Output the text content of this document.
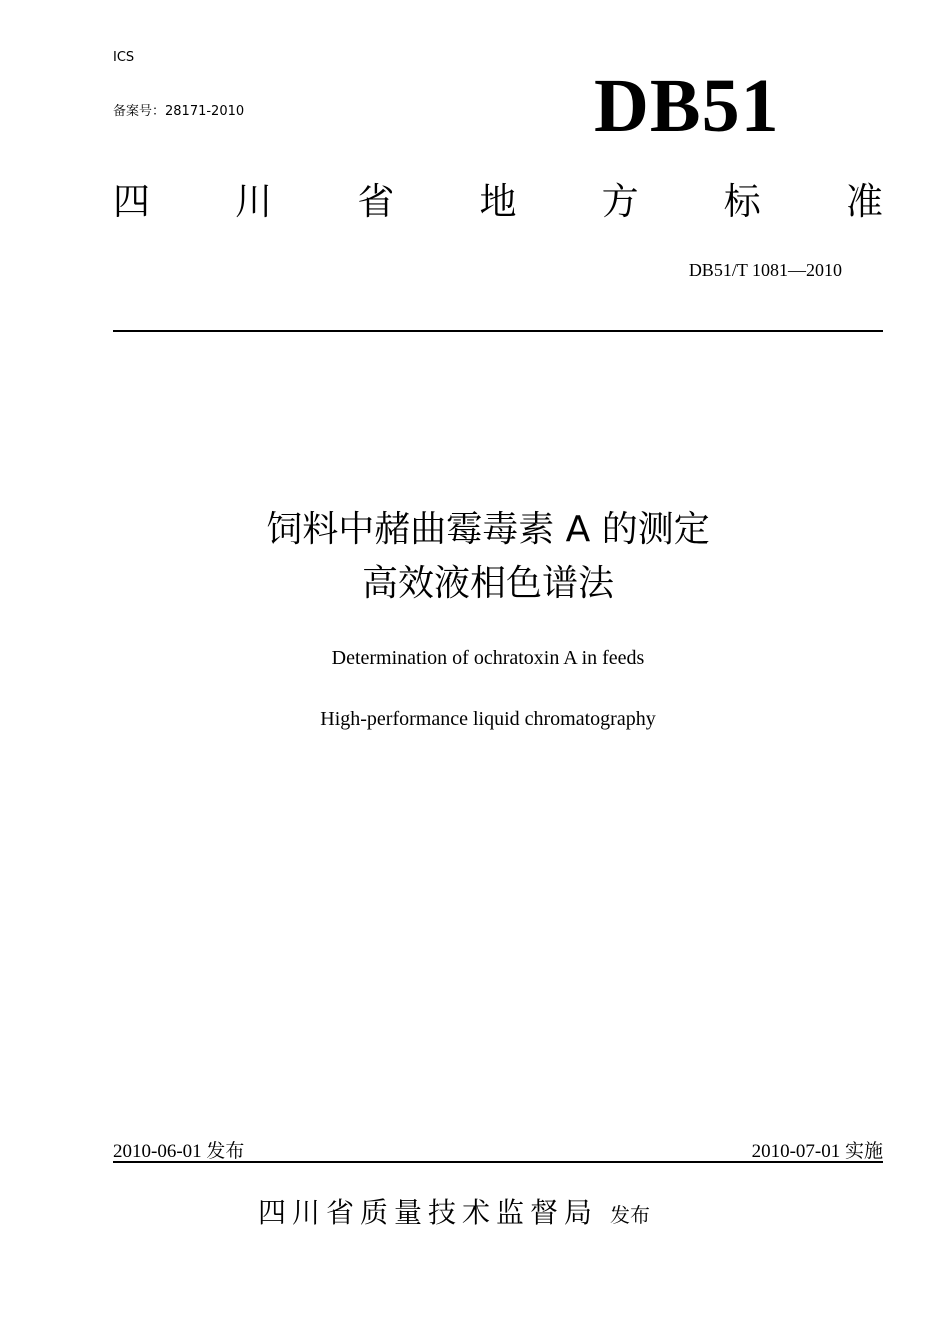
ICS
备案号：28171-2010	DB51
四 川 省 地 方 标 准
DB51/T 1081—2010
饲料中赭曲霉毒素 A 的测定
高效液相色谱法
Determination of ochratoxin A in feeds
High-performance liquid chromatography
2010-06-01 发布	2010-07-01 实施
四川省质量技术监督局 发布
